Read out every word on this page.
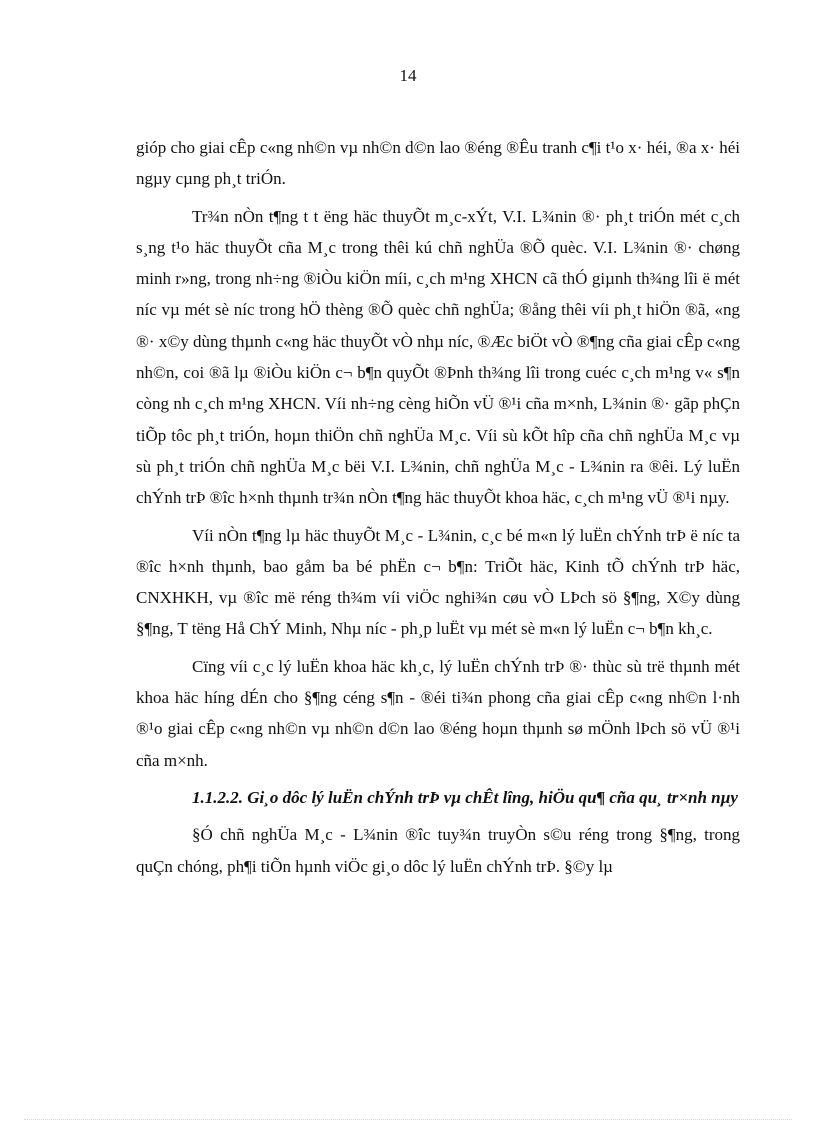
14

gióp cho giai cÊp c«ng nh©n vµ nh©n d©n lao ®éng ®Êu tranh c¶i t¹o x· héi, ®a x· héi ngµy cµng ph¸t triÓn.

Tr¾n nÒn t¶ng t t ëng häc thuyÕt m¸c-xÝt, V.I. L¾nin ®· ph¸t triÓn mét c¸ch s¸ng t¹o häc thuyÕt cña M¸c trong thêi kú chñ nghÜa ®Õ quèc. V.I. L¾nin ®· chøng minh r»ng, trong nh÷ng ®iÒu kiÖn míi, c¸ch m¹ng XHCN cã thÓ giµnh th¾ng lîi ë mét níc vµ mét sè níc trong hÖ thèng ®Õ quèc chñ nghÜa; ®ång thêi víi ph¸t hiÖn ®ã, «ng ®· x©y dùng thµnh c«ng häc thuyÕt vÒ nhµ níc, ®Æc biÖt vÒ ®¶ng cña giai cÊp c«ng nh©n, coi ®ã lµ ®iÒu kiÖn c¬ b¶n quyÕt ®Þnh th¾ng lîi trong cuéc c¸ch m¹ng v« s¶n còng nh c¸ch m¹ng XHCN. Víi nh÷ng cèng hiÕn vÜ ®¹i cña m×nh, L¾nin ®· gãp phÇn tiÕp tôc ph¸t triÓn, hoµn thiÖn chñ nghÜa M¸c. Víi sù kÕt hîp cña chñ nghÜa M¸c vµ sù ph¸t triÓn chñ nghÜa M¸c bëi V.I. L¾nin, chñ nghÜa M¸c - L¾nin ra ®êi. Lý luËn chÝnh trÞ ®îc h×nh thµnh tr¾n nÒn t¶ng häc thuyÕt khoa häc, c¸ch m¹ng vÜ ®¹i nµy.

Víi nÒn t¶ng lµ häc thuyÕt M¸c - L¾nin, c¸c bé m«n lý luËn chÝnh trÞ ë níc ta ®îc h×nh thµnh, bao gåm ba bé phËn c¬ b¶n: TriÕt häc, Kinh tÕ chÝnh trÞ häc, CNXHKH, vµ ®îc më réng th¾m víi viÖc nghi¾n cøu vÒ LÞch sö §¶ng, X©y dùng §¶ng, T tëng Hå ChÝ Minh, Nhµ níc - ph¸p luËt vµ mét sè m«n lý luËn c¬ b¶n kh¸c.

Cïng víi c¸c lý luËn khoa häc kh¸c, lý luËn chÝnh trÞ ®· thùc sù trë thµnh mét khoa häc híng dÉn cho §¶ng céng s¶n - ®éi ti¾n phong cña giai cÊp c«ng nh©n l·nh ®¹o giai cÊp c«ng nh©n vµ nh©n d©n lao ®éng hoµn thµnh sø mÖnh lÞch sö vÜ ®¹i cña m×nh.

1.1.2.2. Gi¸o dôc lý luËn chÝnh trÞ vµ chÊt lîng, hiÖu qu¶ cña qu¸ tr×nh nµy

§Ó chñ nghÜa M¸c - L¾nin ®îc tuy¾n truyÒn s©u réng trong §¶ng, trong quÇn chóng, ph¶i tiÕn hµnh viÖc gi¸o dôc lý luËn chÝnh trÞ. §©y lµ
